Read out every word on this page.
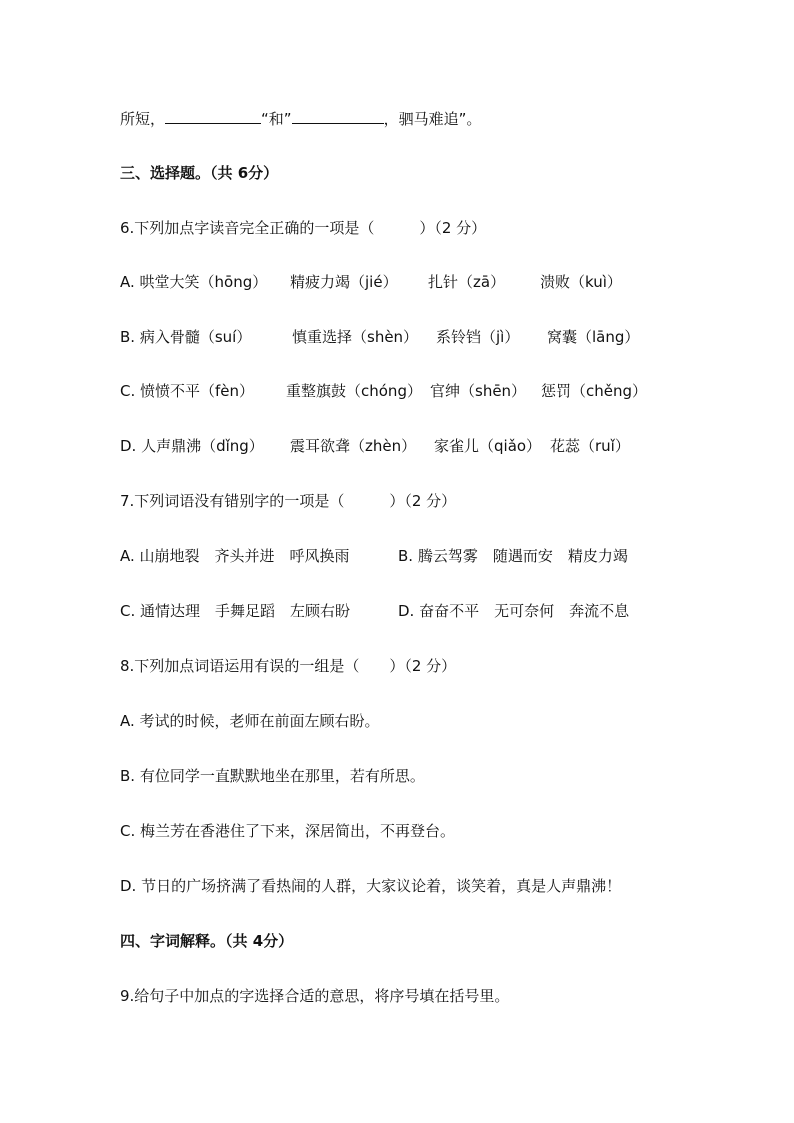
所短，	“和”	，驷马难追”。
三、选择题。（共 6分）
6.下列加点字读音完全正确的一项是（　　　）（2 分）
A. 哄堂大笑（hōng） 精疲力竭（jié） 扎针（zā） 溃败（kuì）
B. 病入骨髓（suí）	慎重选择（shèn） 系铃铛（jì） 窝囊（lāng）
C. 愤愤不平（fèn） 重整旗鼓（chóng） 官绅（shēn） 惩罚（chěng）
D. 人声鼎沸（dǐng） 震耳欲聋（zhèn） 家雀儿（qiǎo） 花蕊（ruǐ）
7.下列词语没有错别字的一项是（　　　）（2 分）
A. 山崩地裂　齐头并进　呼风换雨	B. 腾云驾雾　随遇而安　精皮力竭
C. 通情达理　手舞足蹈　左顾右盼	D. 奋奋不平　无可奈何　奔流不息
8.下列加点词语运用有误的一组是（　　）（2 分）
A. 考试的时候，老师在前面左顾右盼。
B. 有位同学一直默默地坐在那里，若有所思。
C. 梅兰芳在香港住了下来，深居简出，不再登台。
D. 节日的广场挤满了看热闹的人群，大家议论着，谈笑着，真是人声鼎沸！
四、字词解释。（共 4分）
9.给句子中加点的字选择合适的意思，将序号填在括号里。
